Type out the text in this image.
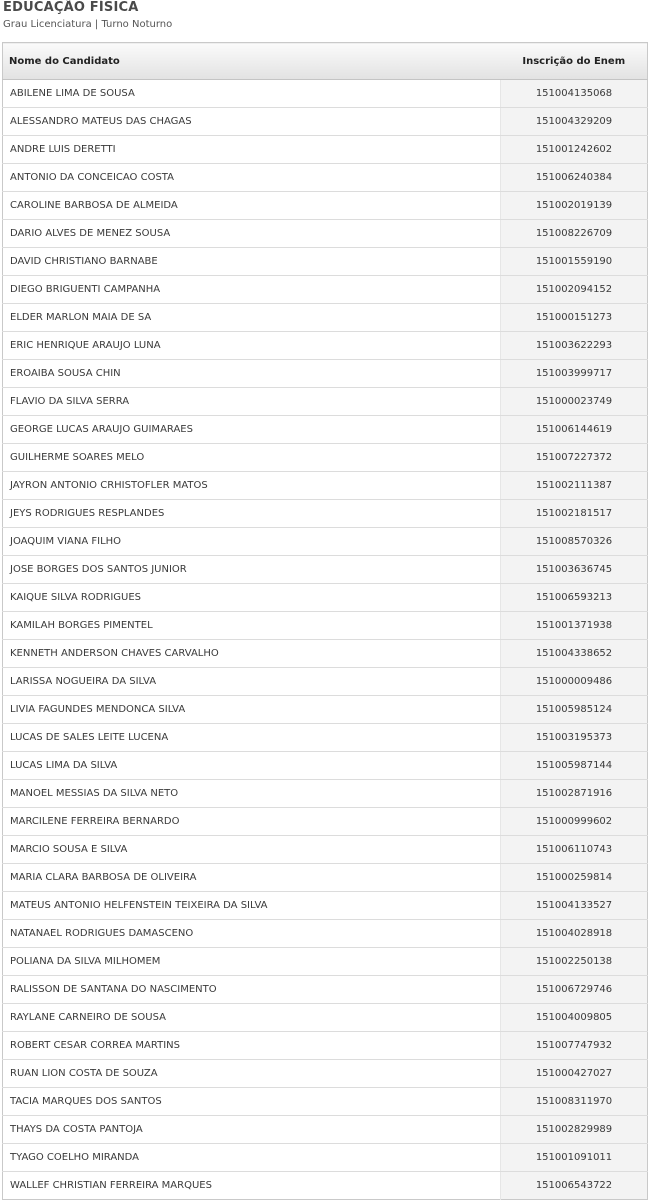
EDUCAÇÃO FÍSICA
Grau Licenciatura | Turno Noturno
Nome do Candidato	Inscrição do Enem
ABILENE LIMA DE SOUSA	151004135068
ALESSANDRO MATEUS DAS CHAGAS	151004329209
ANDRE LUIS DERETTI	151001242602
ANTONIO DA CONCEICAO COSTA	151006240384
CAROLINE BARBOSA DE ALMEIDA	151002019139
DARIO ALVES DE MENEZ SOUSA	151008226709
DAVID CHRISTIANO BARNABE	151001559190
DIEGO BRIGUENTI CAMPANHA	151002094152
ELDER MARLON MAIA DE SA	151000151273
ERIC HENRIQUE ARAUJO LUNA	151003622293
EROAIBA SOUSA CHIN	151003999717
FLAVIO DA SILVA SERRA	151000023749
GEORGE LUCAS ARAUJO GUIMARAES	151006144619
GUILHERME SOARES MELO	151007227372
JAYRON ANTONIO CRHISTOFLER MATOS	151002111387
JEYS RODRIGUES RESPLANDES	151002181517
JOAQUIM VIANA FILHO	151008570326
JOSE BORGES DOS SANTOS JUNIOR	151003636745
KAIQUE SILVA RODRIGUES	151006593213
KAMILAH BORGES PIMENTEL	151001371938
KENNETH ANDERSON CHAVES CARVALHO	151004338652
LARISSA NOGUEIRA DA SILVA	151000009486
LIVIA FAGUNDES MENDONCA SILVA	151005985124
LUCAS DE SALES LEITE LUCENA	151003195373
LUCAS LIMA DA SILVA	151005987144
MANOEL MESSIAS DA SILVA NETO	151002871916
MARCILENE FERREIRA BERNARDO	151000999602
MARCIO SOUSA E SILVA	151006110743
MARIA CLARA BARBOSA DE OLIVEIRA	151000259814
MATEUS ANTONIO HELFENSTEIN TEIXEIRA DA SILVA	151004133527
NATANAEL RODRIGUES DAMASCENO	151004028918
POLIANA DA SILVA MILHOMEM	151002250138
RALISSON DE SANTANA DO NASCIMENTO	151006729746
RAYLANE CARNEIRO DE SOUSA	151004009805
ROBERT CESAR CORREA MARTINS	151007747932
RUAN LION COSTA DE SOUZA	151000427027
TACIA MARQUES DOS SANTOS	151008311970
THAYS DA COSTA PANTOJA	151002829989
TYAGO COELHO MIRANDA	151001091011
WALLEF CHRISTIAN FERREIRA MARQUES	151006543722
